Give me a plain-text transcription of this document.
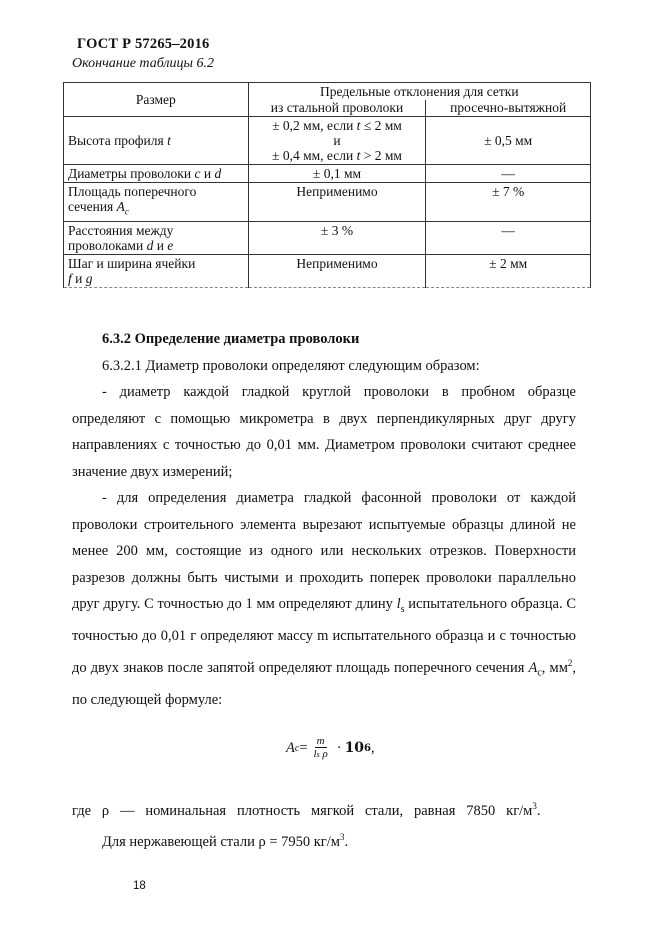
ГОСТ Р 57265–2016
Окончание таблицы 6.2
Размер	Предельные отклонения для сетки	
	из стальной проволоки	просечно-вытяжной
Высота профиля t	± 0,2 мм, если t ≤ 2 мм
и
± 0,4 мм, если t > 2 мм	± 0,5 мм
Диаметры проволоки c и d	± 0,1 мм	—

Площадь поперечного
сечения $A_c$	Неприменимо	± 7 %

Расстояния между
проволоками d и e	± 3 %	—

Шаг и ширина ячейки
f и g	Неприменимо	± 2 мм
6.3.2 Определение диаметра проволоки
6.3.2.1 Диаметр проволоки определяют следующим образом:
- диаметр каждой гладкой круглой проволоки в пробном образце определяют с помощью микрометра в двух перпендикулярных друг другу направлениях с точностью до 0,01 мм. Диаметром проволоки считают среднее значение двух измерений;
- для определения диаметра гладкой фасонной проволоки от каждой проволоки строительного элемента вырезают испытуемые образцы длиной не менее 200 мм, состоящие из одного или нескольких отрезков. Поверхности разрезов должны быть чистыми и проходить поперек проволоки параллельно друг другу. С точностью до 1 мм определяют длину $l_s$ испытательного образца. С точностью до 0,01 г определяют массу m испытательного образца и с точностью до двух знаков после запятой определяют площадь поперечного сечения $A_c$, $мм^2$, по следующей формуле:
A $c = \frac{m}{\text{ls ρ}} \cdot 10$ 6 ,
где   ρ   —   номинальная   плотность   мягкой   стали,   равная   7850   $кг/м^3$.
Для нержавеющей стали ρ = 7950 $кг/м^3$.
18
